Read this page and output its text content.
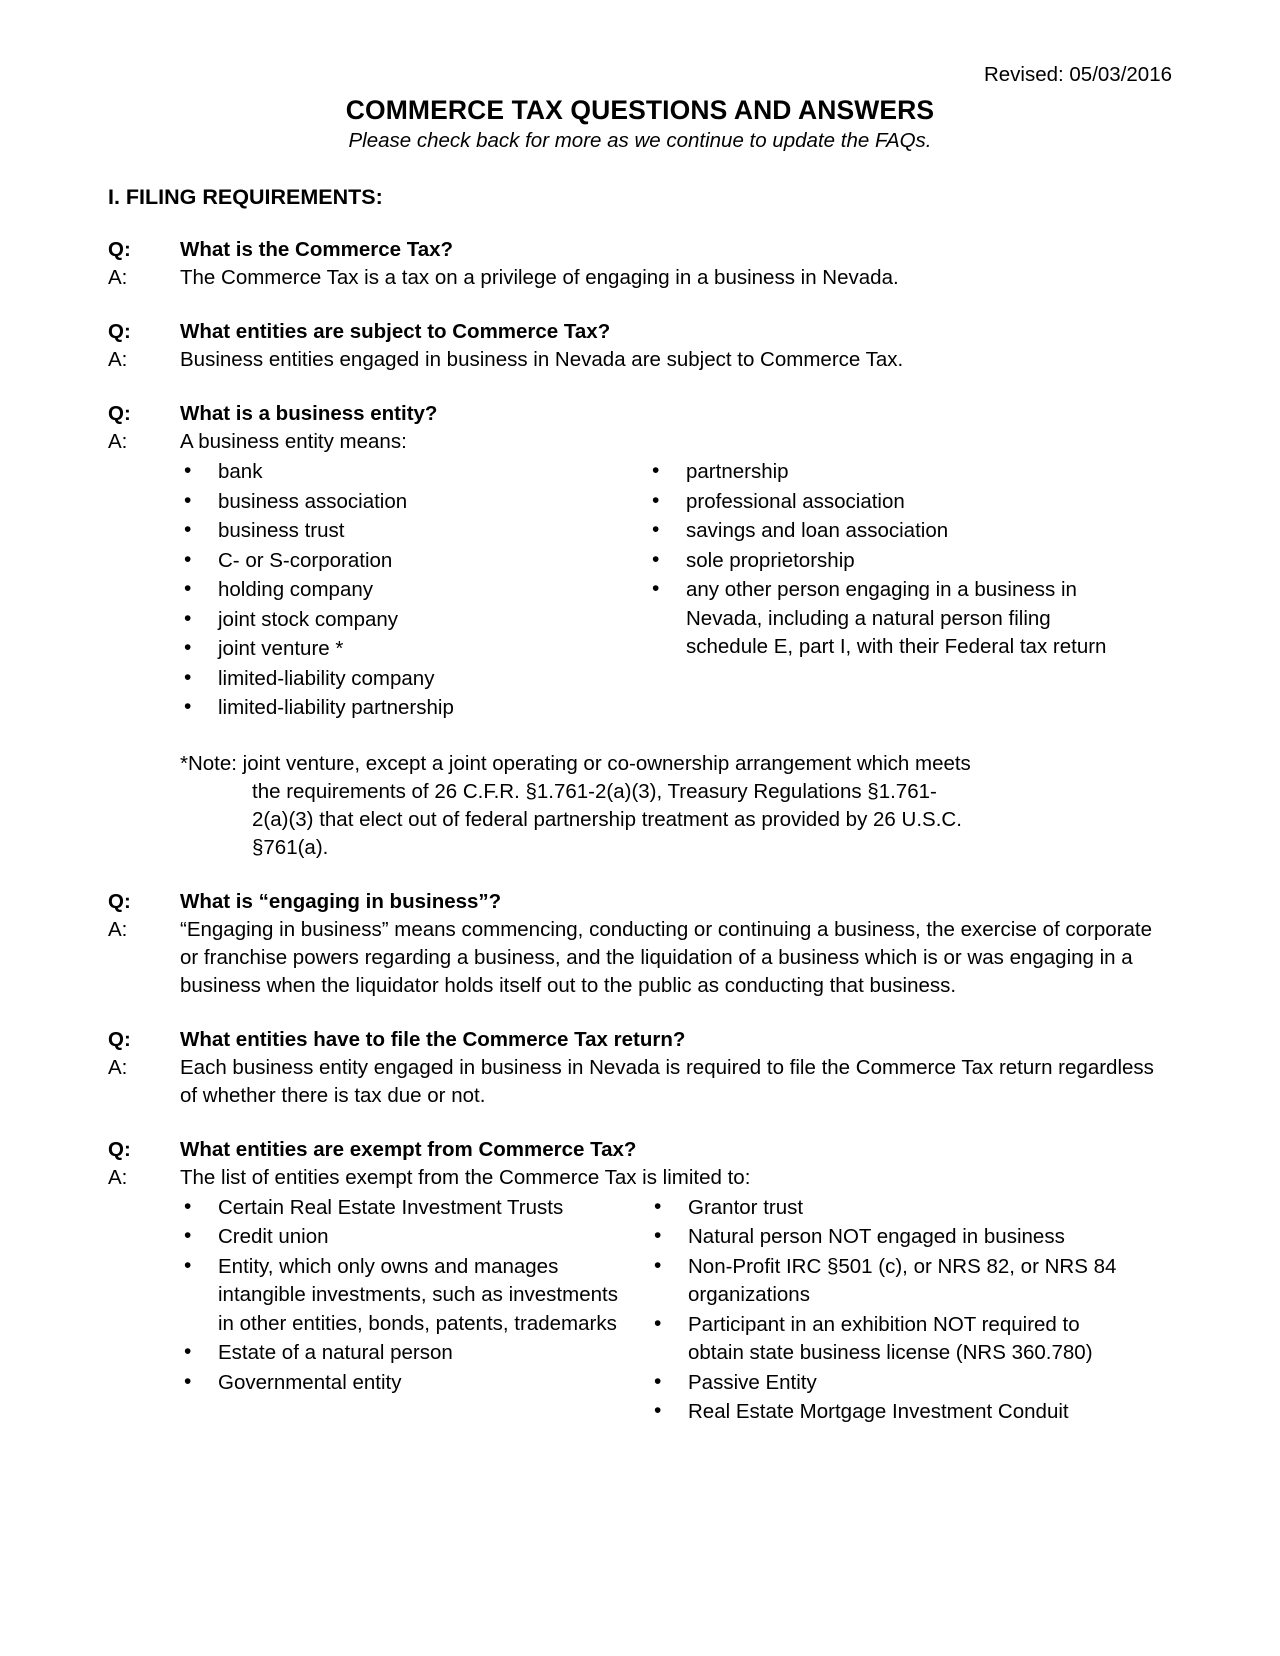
Revised: 05/03/2016
COMMERCE TAX QUESTIONS AND ANSWERS
Please check back for more as we continue to update the FAQs.
I. FILING REQUIREMENTS:
Q:	What is the Commerce Tax?
A:	The Commerce Tax is a tax on a privilege of engaging in a business in Nevada.
Q:	What entities are subject to Commerce Tax?
A:	Business entities engaged in business in Nevada are subject to Commerce Tax.
Q:	What is a business entity?
A:	A business entity means:
• bank
• business association
• business trust
• C- or S-corporation
• holding company
• joint stock company
• joint venture *
• limited-liability company
• limited-liability partnership
• partnership
• professional association
• savings and loan association
• sole proprietorship
• any other person engaging in a business in Nevada, including a natural person filing schedule E, part I, with their Federal tax return
*Note: joint venture, except a joint operating or co-ownership arrangement which meets
the requirements of 26 C.F.R. §1.761-2(a)(3), Treasury Regulations §1.761-
2(a)(3) that elect out of federal partnership treatment as provided by 26 U.S.C.
§761(a).
Q:	What is “engaging in business”?
A:	“Engaging in business” means commencing, conducting or continuing a business, the exercise of corporate or franchise powers regarding a business, and the liquidation of a business which is or was engaging in a business when the liquidator holds itself out to the public as conducting that business.
Q:	What entities have to file the Commerce Tax return?
A:	Each business entity engaged in business in Nevada is required to file the Commerce Tax return regardless of whether there is tax due or not.
Q:	What entities are exempt from Commerce Tax?
A:	The list of entities exempt from the Commerce Tax is limited to:
• Certain Real Estate Investment Trusts
• Credit union
• Entity, which only owns and manages intangible investments, such as investments in other entities, bonds, patents, trademarks
• Estate of a natural person
• Governmental entity
• Grantor trust
• Natural person NOT engaged in business
• Non-Profit IRC §501 (c), or NRS 82, or NRS 84 organizations
• Participant in an exhibition NOT required to obtain state business license (NRS 360.780)
• Passive Entity
• Real Estate Mortgage Investment Conduit
